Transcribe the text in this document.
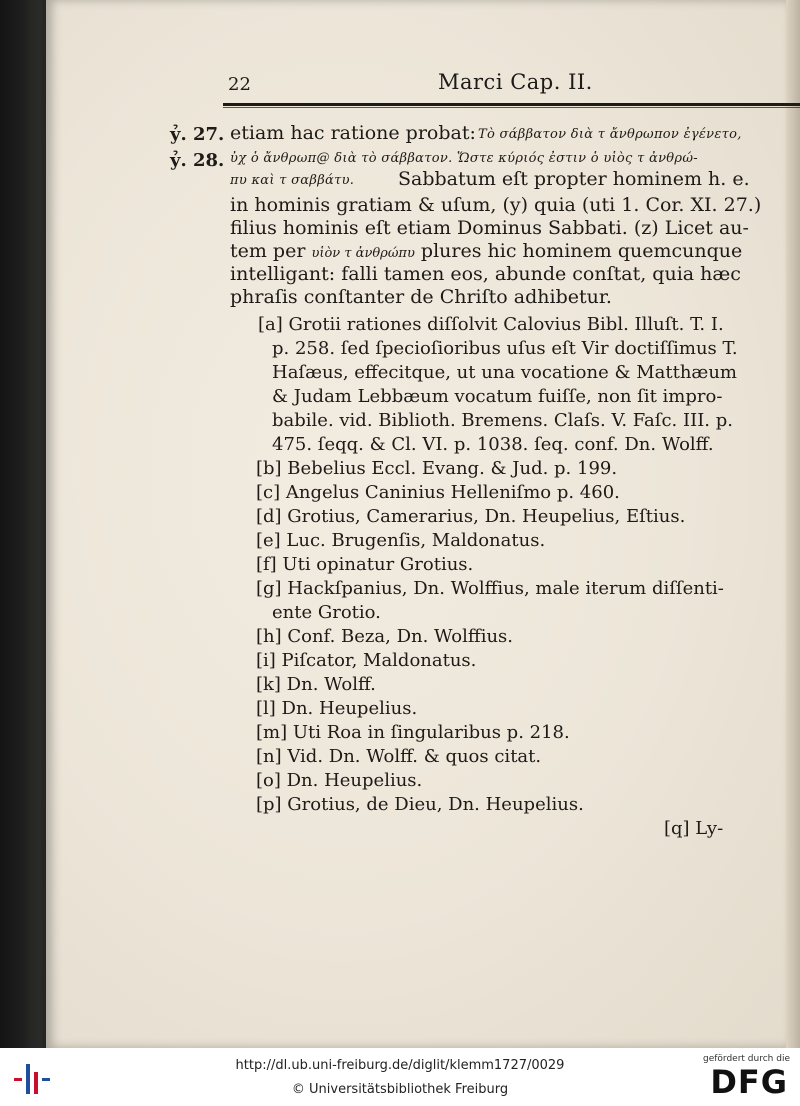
22	Marci Cap. II.
ỷ. 27.
ỷ. 28.
etiam hac ratione probat: Τὸ σάββατον διὰ τ ἄνθρωπον ἐγένετο,
ὐχ ὁ ἄνθρωπ@ διὰ τὸ σάββατον. Ὥστε κύριός ἐστιν ὁ υἱὸς τ ἀνθρώ-
πυ καὶ τ σαββάτυ. Sabbatum eſt propter hominem h. e.
in hominis gratiam & uſum, (y) quia (uti 1. Cor. XI. 27.)
filius hominis eſt etiam Dominus Sabbati. (z) Licet au-
tem per υἱὸν τ ἀνθρώπυ plures hic hominem quemcunque
intelligant: falli tamen eos, abunde conſtat, quia hæc
phraſis conſtanter de Chriſto adhibetur.
[a] Grotii rationes diſſolvit Calovius Bibl. Illuſt. T. I.
p. 258. ſed ſpecioſioribus uſus eſt Vir doctiſſimus T.
Haſæus, effecitque, ut una vocatione & Matthæum
& Judam Lebbæum vocatum fuiſſe, non ſit impro-
babile. vid. Biblioth. Bremens. Claſs. V. Faſc. III. p.
475. ſeqq. & Cl. VI. p. 1038. ſeq. conf. Dn. Wolff.
[b] Bebelius Eccl. Evang. & Jud. p. 199.
[c] Angelus Caninius Helleniſmo p. 460.
[d] Grotius, Camerarius, Dn. Heupelius, Eſtius.
[e] Luc. Brugenſis, Maldonatus.
[f] Uti opinatur Grotius.
[g] Hackſpanius, Dn. Wolffius, male iterum diſſenti-
ente Grotio.
[h] Conf. Beza, Dn. Wolffius.
[i] Piſcator, Maldonatus.
[k] Dn. Wolff.
[l] Dn. Heupelius.
[m] Uti Roa in ſingularibus p. 218.
[n] Vid. Dn. Wolff. & quos citat.
[o] Dn. Heupelius.
[p] Grotius, de Dieu, Dn. Heupelius.
[q] Ly-
http://dl.ub.uni-freiburg.de/diglit/klemm1727/0029
© Universitätsbibliothek Freiburg
gefördert durch die
DFG
